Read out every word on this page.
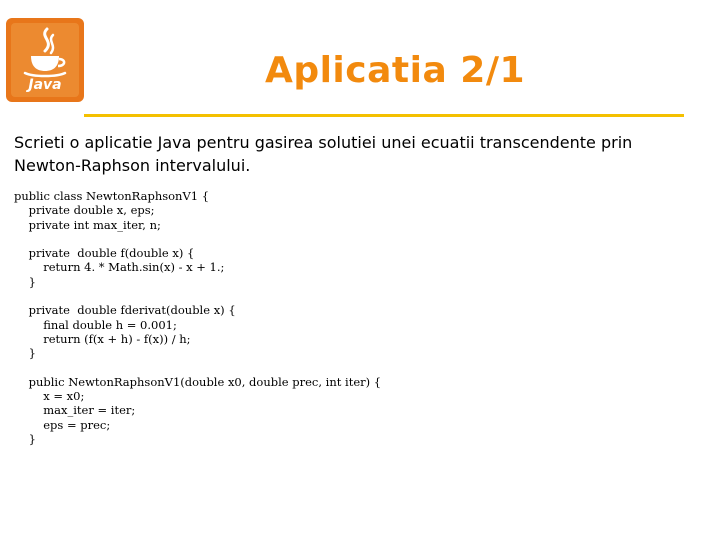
Java	Aplicatia 2/1
Scrieti o aplicatie Java pentru gasirea solutiei unei ecuatii transcendente prin Newton-Raphson intervalului.
public class NewtonRaphsonV1 {
private double x, eps;
private int max_iter, n;

private  double f(double x) {
return 4. * Math.sin(x) - x + 1.;
}

private  double fderivat(double x) {
final double h = 0.001;
return (f(x + h) - f(x)) / h;
}

public NewtonRaphsonV1(double x0, double prec, int iter) {
x = x0;
max_iter = iter;
eps = prec;
}
